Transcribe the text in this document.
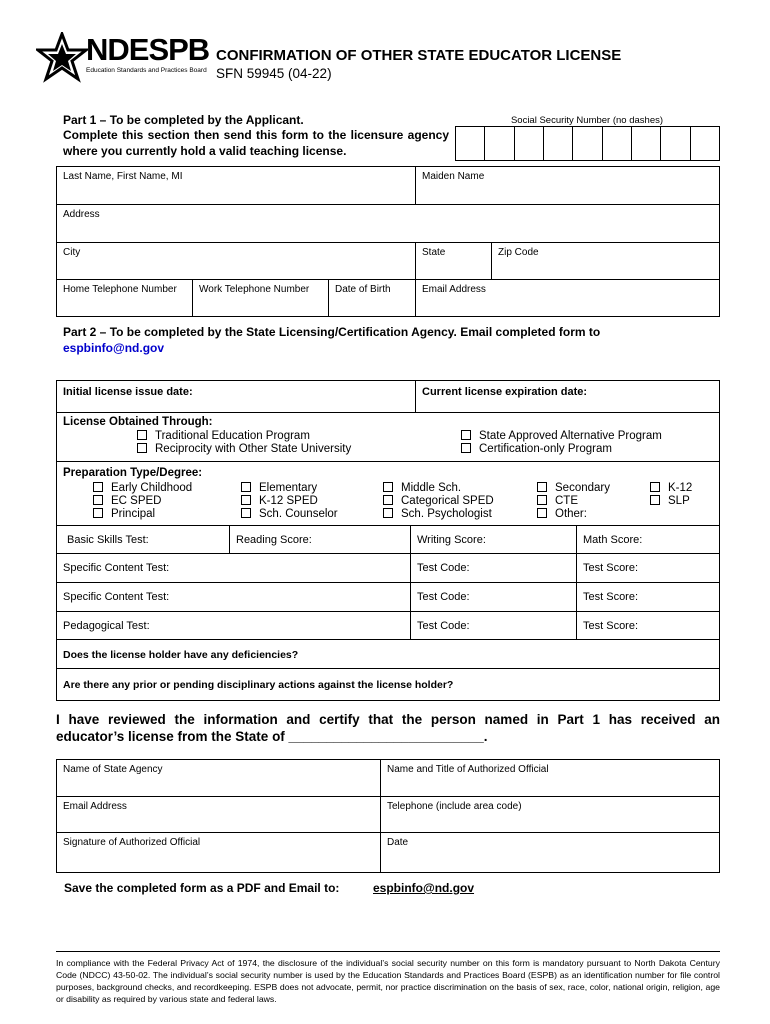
NDESPB
Education Standards and Practices Board
CONFIRMATION OF OTHER STATE EDUCATOR LICENSE
SFN 59945 (04-22)
Part 1 – To be completed by the Applicant.
Complete this section then send this form to the licensure agency where you currently hold a valid teaching license.
Social Security Number (no dashes)
Last Name, First Name, MI	Maiden Name
Address
City	State	Zip Code
Home Telephone Number	Work Telephone Number	Date of Birth	Email Address
Part 2 – To be completed by the State Licensing/Certification Agency. Email completed form to espbinfo@nd.gov
Initial license issue date:	Current license expiration date:
License Obtained Through:
Traditional Education Program
Reciprocity with Other State University
State Approved Alternative Program
Certification-only Program
Preparation Type/Degree:
Early Childhood
EC SPED
Principal
Elementary
K-12 SPED
Sch. Counselor
Middle Sch.
Categorical SPED
Sch. Psychologist
Secondary
CTE
Other:
K-12
SLP
Basic Skills Test:	Reading Score:	Writing Score:	Math Score:
Specific Content Test:	Test Code:	Test Score:
Specific Content Test:	Test Code:	Test Score:
Pedagogical Test:	Test Code:	Test Score:
Does the license holder have any deficiencies?
Are there any prior or pending disciplinary actions against the license holder?
I have reviewed the information and certify that the person named in Part 1 has received an
educator’s license from the State of __________________________.
Name of State Agency	Name and Title of Authorized Official
Email Address	Telephone (include area code)
Signature of Authorized Official	Date
Save the completed form as a PDF and Email to:	espbinfo@nd.gov
In compliance with the Federal Privacy Act of 1974, the disclosure of the individual’s social security number on this form is mandatory pursuant to North Dakota Century Code (NDCC) 43-50-02. The individual’s social security number is used by the Education Standards and Practices Board (ESPB) as an identification number for file control purposes, background checks, and recordkeeping. ESPB does not advocate, permit, nor practice discrimination on the basis of sex, race, color, national origin, religion, age or disability as required by various state and federal laws.
